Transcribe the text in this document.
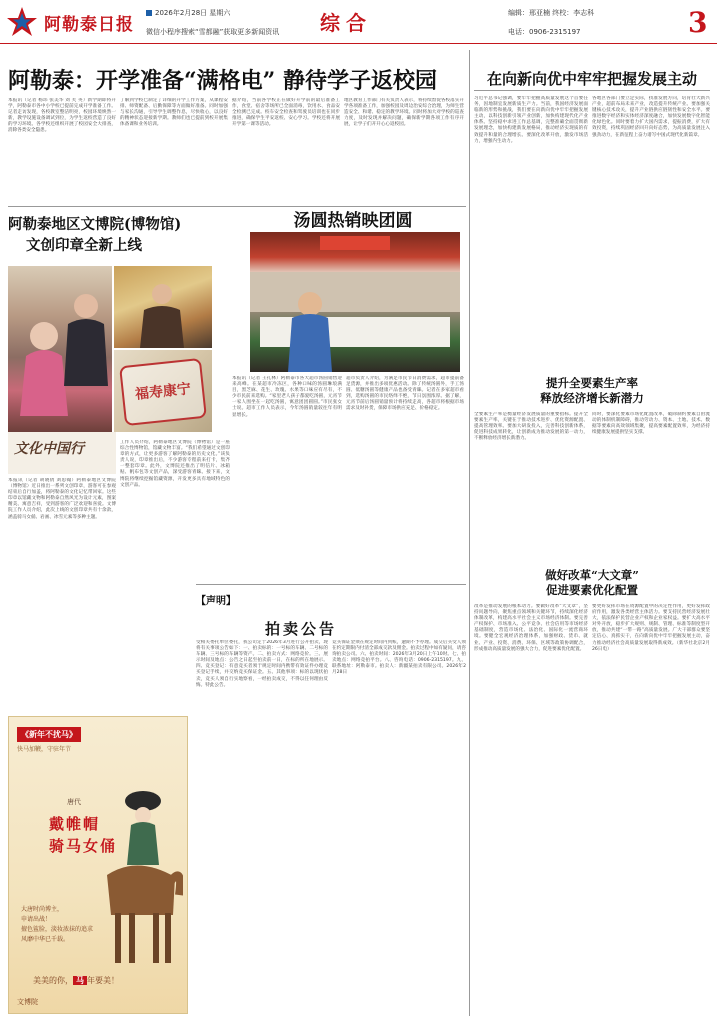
阿勒泰日报
2026年2月28日 星期六
微信小程序搜索“雪都融”获取更多新闻资讯 综合	编辑：邢亚楠 终校：李志科
电话：0906-2315197	3
阿勒泰：开学准备“满格电” 静待学子返校园	在向新向优中牢牢把握发展主动
本报讯（记者 杨玮 张美华 刘 芙 英）新学期即将开学，阿勒泰市各中小学校已提前完成开学准备工作。记者走访发现，各校教室整洁明亮，校园环境焕然一新，教学设施设备调试到位，为学生返校营造了良好的学习环境。各学校还组织开展了校园安全大排查，消除各类安全隐患。
了解到学校已制定了详细的开学工作方案，从课程安排、师资配备、后勤保障等方面做好准备。同时加强与家长沟通，引导学生调整作息，尽快收心，以良好的精神状态迎接新学期。教师们也已提前到校开展集体备课和业务培训。
据介绍，当前各学校正在做好开学前的最后准备工作，食堂、宿舍等场所已全面消毒，饮用水、食品安全检测已完成。校车安全检查和驾驶员培训也在同步推进，确保学生平安返校、安心学习。学校还将开展开学第一课等活动。
地区教育工作部门有关负责人表示，将持续督促各校落实开学各项准备工作，加强校园及周边治安综合治理，为师生营造安全、和谐、稳定的教学环境。同时将加大对学校的巡查力度，及时发现并解决问题，确保新学期各项工作有序开展，让学子们开开心心返校园。
阿勒泰地区文博院(博物馆)
文创印章全新上线
汤圆热销映团圆
福寿康宁
文化中国行
本报讯（记者 胡晓倩 刘思翰）阿勒泰地区文博院（博物馆）近日推出一系列文创印章，游客可在参观结束后自行加盖，将阿勒泰的文化记忆带回家。这些印章以馆藏文物和阿勒泰自然风光为设计元素，图案精美、寓意吉祥，受到游客的广泛欢迎和喜爱。文博院工作人员介绍，此次上线的文创印章共有十余款，涵盖骑马女俑、岩画、冰雪元素等多种主题。
工作人员介绍，阿勒泰地区文博院（博物馆）是一座综合性博物馆，馆藏文物丰富。“我们希望通过文创印章的方式，让更多游客了解阿勒泰的历史文化。”该负责人说，印章推出后，不少游客专程前来打卡，集齐一整套印章。此外，文博院还推出了明信片、冰箱贴、帆布包等文创产品，深受游客青睐。接下来，文博院将继续挖掘馆藏资源，开发更多具有地域特色的文创产品。
本报讯（记者 王孔林）阿勒泰市各大超市汤圆销售迎来高峰。在某超市冷冻区，各种口味的汤圆琳琅满目，黑芝麻、花生、玫瑰、水果等口味应有尽有，不少市民前来选购。“家里老人孩子都爱吃汤圆，元宵节一家人围坐在一起吃汤圆，寓意团团圆圆。”市民张女士说。超市工作人员表示，今年汤圆销量较往年有明显增长。
超市负责人介绍，为满足市民节日消费需求，超市提前备足货源，并推出多项优惠活动。除了传统汤圆外，手工汤圆、低糖汤圆等健康产品也备受青睐。记者在多家超市看到，选购汤圆的市民络绎不绝，节日氛围浓厚。据了解，元宵节前后汤圆销量预计将持续走高，各超市将根据市场需求及时补货，保障市场供应充足、价格稳定。
《新年不扰马》
快马加鞭，守驻年节
唐代
戴帷帽
骑马女俑
大唐时尚博主，
申请出战！
擅色鲨脸，淡妆浓抹的追求
风靡中华已千载。
美美的你， 马 年要美！
文博院
【声明】
拍卖公告
受相关委托单位委托，我公司定于2026年3月进行公开拍卖，现将有关事项公告如下：一、拍卖标的：一号标的车辆、二号标的车辆、三号标的车辆等资产。二、拍卖方式：网络竞价。三、展示时间及地点：公告之日起至拍卖前一日，在标的所在地展示。四、竞买登记：有意竞买者须于规定时间内携带有效证件办理竞买登记手续，并交纳竞买保证金。五、其他事项：标的以现状拍卖，竞买人须自行实地察看，一经拍卖成交，不得以任何理由反悔。特此公告。
竞买保证金须在规定时间内到账，逾期不予办理。成交后买受人须在约定期限内付清全部成交款及佣金。拍卖过程中如有疑问，请咨询拍卖公司。六、拍卖时间：2026年3月20日上午10时。七、拍卖地点：网络竞拍平台。八、咨询电话：0906-2315197。九、联系地址：阿勒泰市。拍卖人：新疆某拍卖有限公司。2026年2月28日
习近平总书记强调，要牢牢把握高质量发展这个首要任务，因地制宜发展新质生产力。当前，我国经济发展面临新的形势和挑战，我们要在向新向优中牢牢把握发展主动，以科技创新引领产业创新，加快构建现代化产业体系。坚持稳中求进工作总基调，完整准确全面贯彻新发展理念，加快构建新发展格局，推动经济实现质的有效提升和量的合理增长。要深化改革开放，激发市场活力，增强内生动力。
各地区各部门要立足实际，找准发展方向，培育壮大新兴产业，超前布局未来产业，改造提升传统产业。要加强关键核心技术攻关，提升产业链供应链韧性和安全水平。要推进数字经济和实体经济深度融合，加快发展数字化智能化绿色化。同时要着力扩大国内需求，提振消费，扩大有效投资，持续巩固经济回升向好态势，为高质量发展注入强劲动力，在新征程上奋力谱写中国式现代化新篇章。
提升全要素生产率
释放经济增长新潜力
全要素生产率是衡量经济发展质量的重要指标。提升全要素生产率，关键在于推动技术进步、优化资源配置、提高管理效率。要加大研发投入，完善科技创新体系，促进科技成果转化，让创新成为推动发展的第一动力，不断释放经济增长新潜力。
同时，要深化要素市场化配置改革，破除制约要素自由流动的体制机制障碍，推动劳动力、资本、土地、技术、数据等要素向高效领域集聚，提高要素配置效率，为经济持续健康发展提供坚实支撑。
做好改革“大文章”
促进要素优化配置
改革是推动发展的根本动力。要做好改革“大文章”，坚持问题导向，聚焦重点领域和关键环节，持续深化经济体制改革，构建高水平社会主义市场经济体制。要完善产权保护、市场准入、公平竞争、社会信用等市场经济基础制度，营造市场化、法治化、国际化一流营商环境。要健全宏观经济治理体系，加强财政、货币、就业、产业、投资、消费、环保、区域等政策协调配合，形成推动高质量发展的强大合力，促进要素优化配置。
要更好发挥市场在资源配置中的决定性作用，更好发挥政府作用，激发各类经营主体活力。要支持民营经济发展壮大，依法保护民营企业产权和企业家权益。要扩大高水平对外开放，稳步扩大规则、规制、管理、标准等制度型开放，推动共建“一带一路”高质量发展。广大干部群众要坚定信心、真抓实干，在向新向优中牢牢把握发展主动，奋力推动经济社会高质量发展取得新成效。（新华社北京2月26日电）
